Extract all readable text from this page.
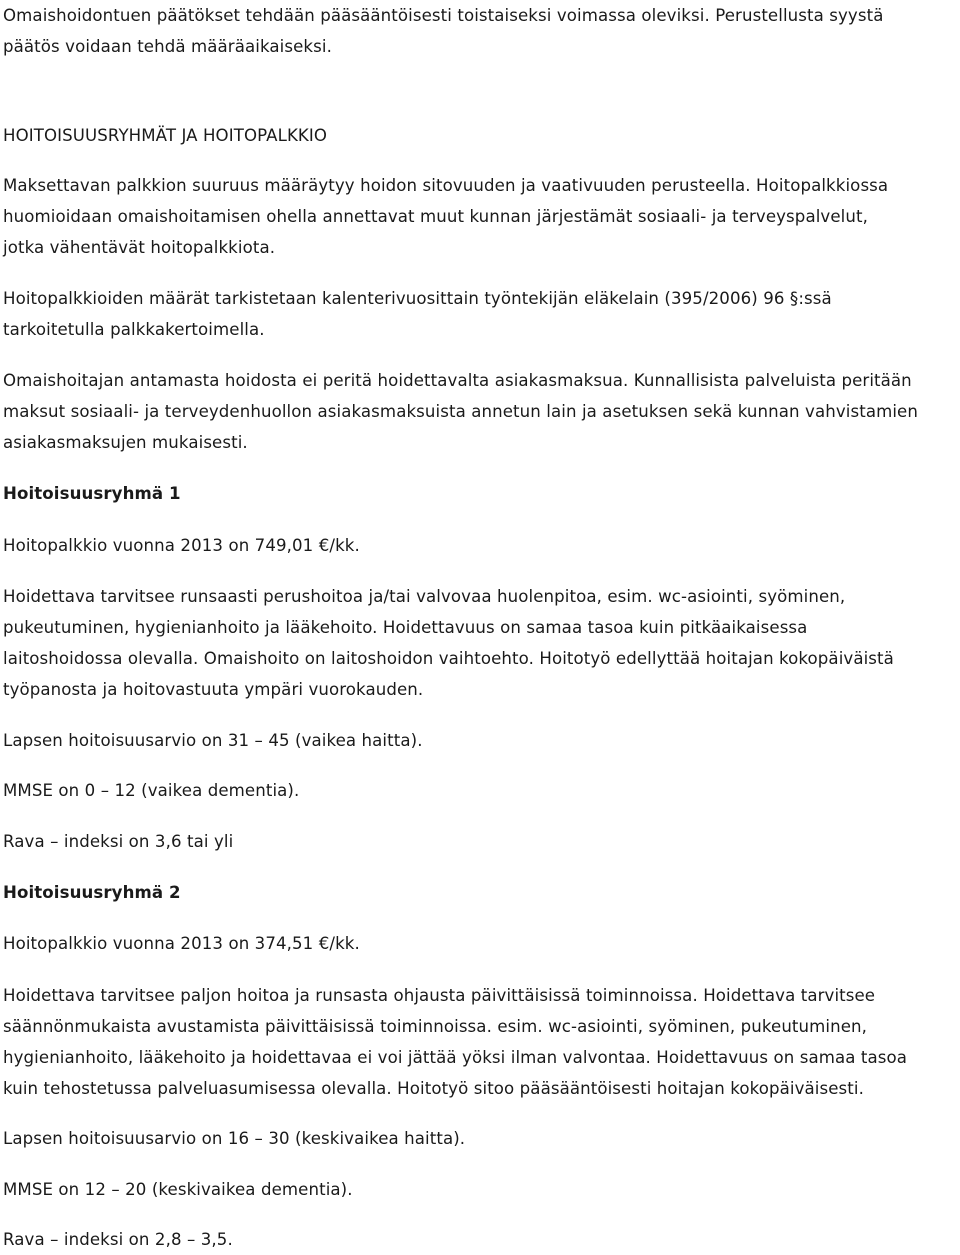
Omaishoidontuen päätökset tehdään pääsääntöisesti toistaiseksi voimassa oleviksi. Perustellusta syystä

päätös voidaan tehdä määräaikaiseksi.

HOITOISUUSRYHMÄT JA HOITOPALKKIO

Maksettavan palkkion suuruus määräytyy hoidon sitovuuden ja vaativuuden perusteella. Hoitopalkkiossa

huomioidaan omaishoitamisen ohella annettavat muut kunnan järjestämät sosiaali- ja terveyspalvelut,

jotka vähentävät hoitopalkkiota.

Hoitopalkkioiden määrät tarkistetaan kalenterivuosittain työntekijän eläkelain (395/2006) 96 §:ssä

tarkoitetulla palkkakertoimella.

Omaishoitajan antamasta hoidosta ei peritä hoidettavalta asiakasmaksua. Kunnallisista palveluista peritään

maksut sosiaali- ja terveydenhuollon asiakasmaksuista annetun lain ja asetuksen sekä kunnan vahvistamien

asiakasmaksujen mukaisesti.

Hoitoisuusryhmä 1

Hoitopalkkio vuonna 2013 on 749,01 €/kk.

Hoidettava tarvitsee runsaasti perushoitoa ja/tai valvovaa huolenpitoa, esim. wc-asiointi, syöminen,

pukeutuminen, hygienianhoito ja lääkehoito. Hoidettavuus on samaa tasoa kuin pitkäaikaisessa

laitoshoidossa olevalla. Omaishoito on laitoshoidon vaihtoehto. Hoitotyö edellyttää hoitajan kokopäiväistä

työpanosta ja hoitovastuuta ympäri vuorokauden.

Lapsen hoitoisuusarvio on 31 – 45 (vaikea haitta).

MMSE on 0 – 12 (vaikea dementia).

Rava – indeksi on 3,6 tai yli

Hoitoisuusryhmä 2

Hoitopalkkio vuonna 2013 on 374,51 €/kk.

Hoidettava tarvitsee paljon hoitoa ja runsasta ohjausta päivittäisissä toiminnoissa. Hoidettava tarvitsee

säännönmukaista avustamista päivittäisissä toiminnoissa. esim. wc-asiointi, syöminen, pukeutuminen,

hygienianhoito, lääkehoito ja hoidettavaa ei voi jättää yöksi ilman valvontaa. Hoidettavuus on samaa tasoa

kuin tehostetussa palveluasumisessa olevalla. Hoitotyö sitoo pääsääntöisesti hoitajan kokopäiväisesti.

Lapsen hoitoisuusarvio on 16 – 30 (keskivaikea haitta).

MMSE on 12 – 20 (keskivaikea dementia).

Rava – indeksi on 2,8 – 3,5.
